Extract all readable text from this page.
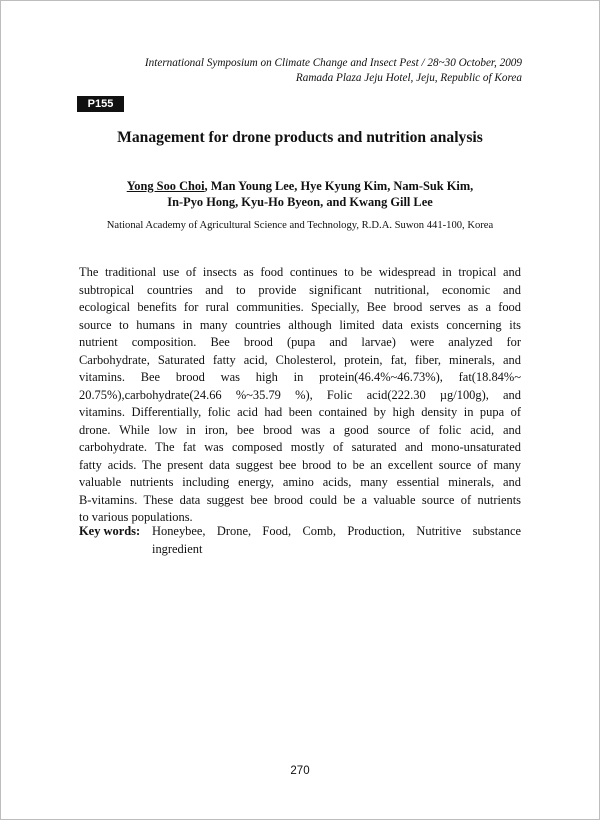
International Symposium on Climate Change and Insect Pest / 28~30 October, 2009
Ramada Plaza Jeju Hotel, Jeju, Republic of Korea
P155
Management for drone products and nutrition analysis
Yong Soo Choi, Man Young Lee, Hye Kyung Kim, Nam-Suk Kim,
In-Pyo Hong, Kyu-Ho Byeon, and Kwang Gill Lee
National Academy of Agricultural Science and Technology, R.D.A. Suwon 441-100, Korea
The traditional use of insects as food continues to be widespread in tropical and
subtropical countries and to provide significant nutritional, economic and
ecological benefits for rural communities. Specially, Bee brood serves as a food
source to humans in many countries although limited data exists concerning its
nutrient composition. Bee brood (pupa and larvae) were analyzed for
Carbohydrate, Saturated fatty acid, Cholesterol, protein, fat, fiber, minerals, and
vitamins. Bee brood was high in protein(46.4%~46.73%), fat(18.84%~
20.75%),carbohydrate(24.66 %~35.79 %), Folic acid(222.30 µg/100g), and
vitamins. Differentially, folic acid had been contained by high density in pupa of
drone. While low in iron, bee brood was a good source of folic acid, and
carbohydrate. The fat was composed mostly of saturated and mono-unsaturated
fatty acids. The present data suggest bee brood to be an excellent source of many
valuable nutrients including energy, amino acids, many essential minerals, and
B-vitamins. These data suggest bee brood could be a valuable source of nutrients
to various populations.
Key words: Honeybee, Drone, Food, Comb, Production, Nutritive substance
ingredient
270
